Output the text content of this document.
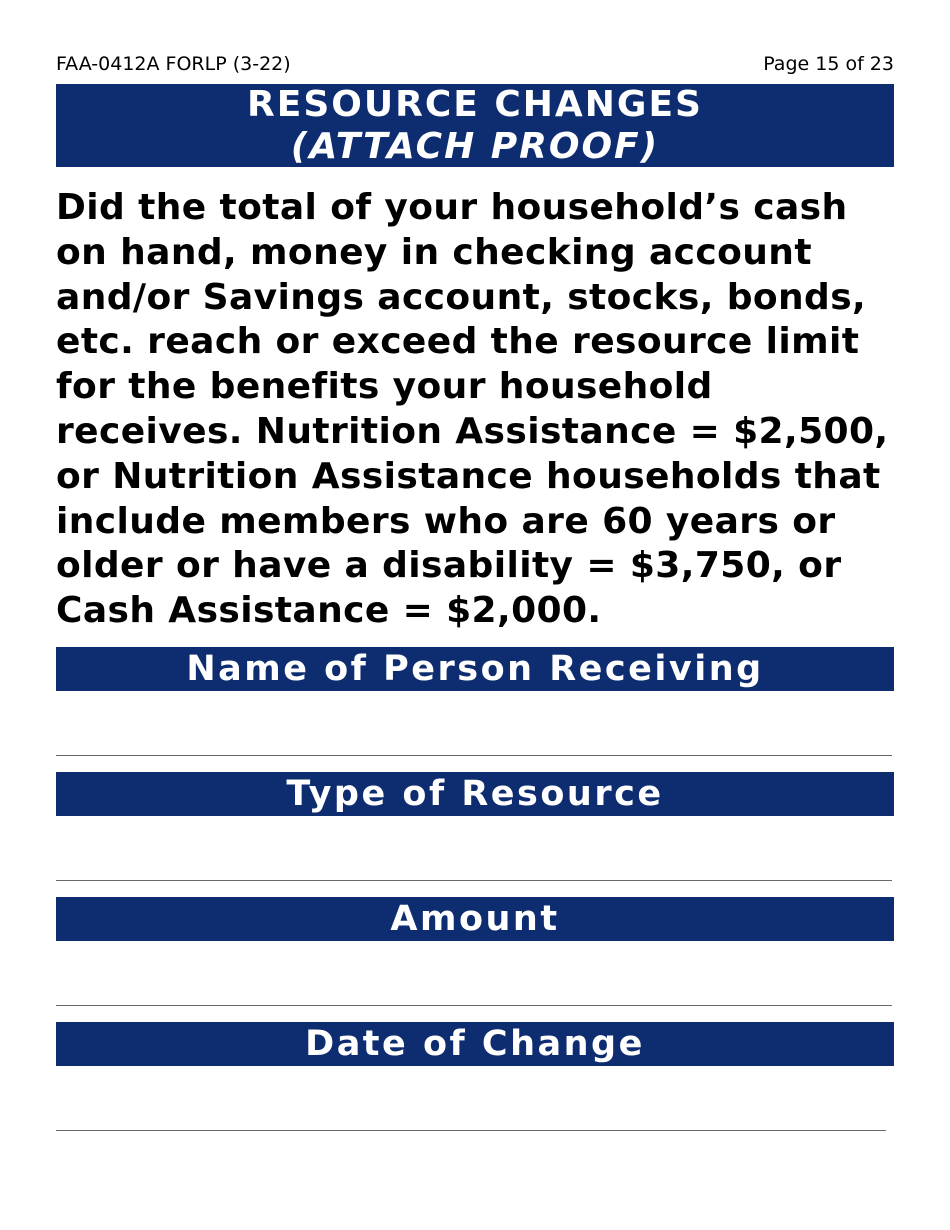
FAA-0412A FORLP (3-22)	Page 15 of 23
RESOURCE CHANGES
(ATTACH PROOF)

Did the total of your household’s cash on hand, money in checking account and/or Savings account, stocks, bonds, etc. reach or exceed the resource limit for the benefits your household receives. Nutrition Assistance = $2,500, or Nutrition Assistance households that include members who are 60 years or older or have a disability = $3,750, or Cash Assistance = $2,000.

Name of Person Receiving
Type of Resource
Amount
Date of Change
